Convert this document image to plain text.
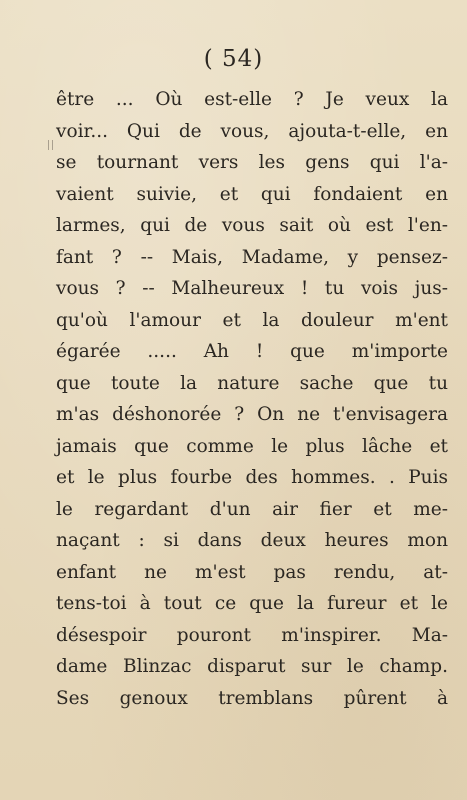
( 54)
être ... Où est-elle ? Je veux la
voir... Qui de vous, ajouta-t-elle, en
se tournant vers les gens qui l'a-
vaient suivie, et qui fondaient en
larmes, qui de vous sait où est l'en-
fant ? -- Mais, Madame, y pensez-
vous ? -- Malheureux ! tu vois jus-
qu'où l'amour et la douleur m'ent
égarée ..... Ah ! que m'importe
que toute la nature sache que tu
m'as déshonorée ? On ne t'envisagera
jamais que comme le plus lâche et
et le plus fourbe des hommes. . Puis
le regardant d'un air fier et me-
naçant : si dans deux heures mon
enfant ne m'est pas rendu, at-
tens-toi à tout ce que la fureur et le
désespoir pouront m'inspirer. Ma-
dame Blinzac disparut sur le champ.
Ses genoux tremblans pûrent à
